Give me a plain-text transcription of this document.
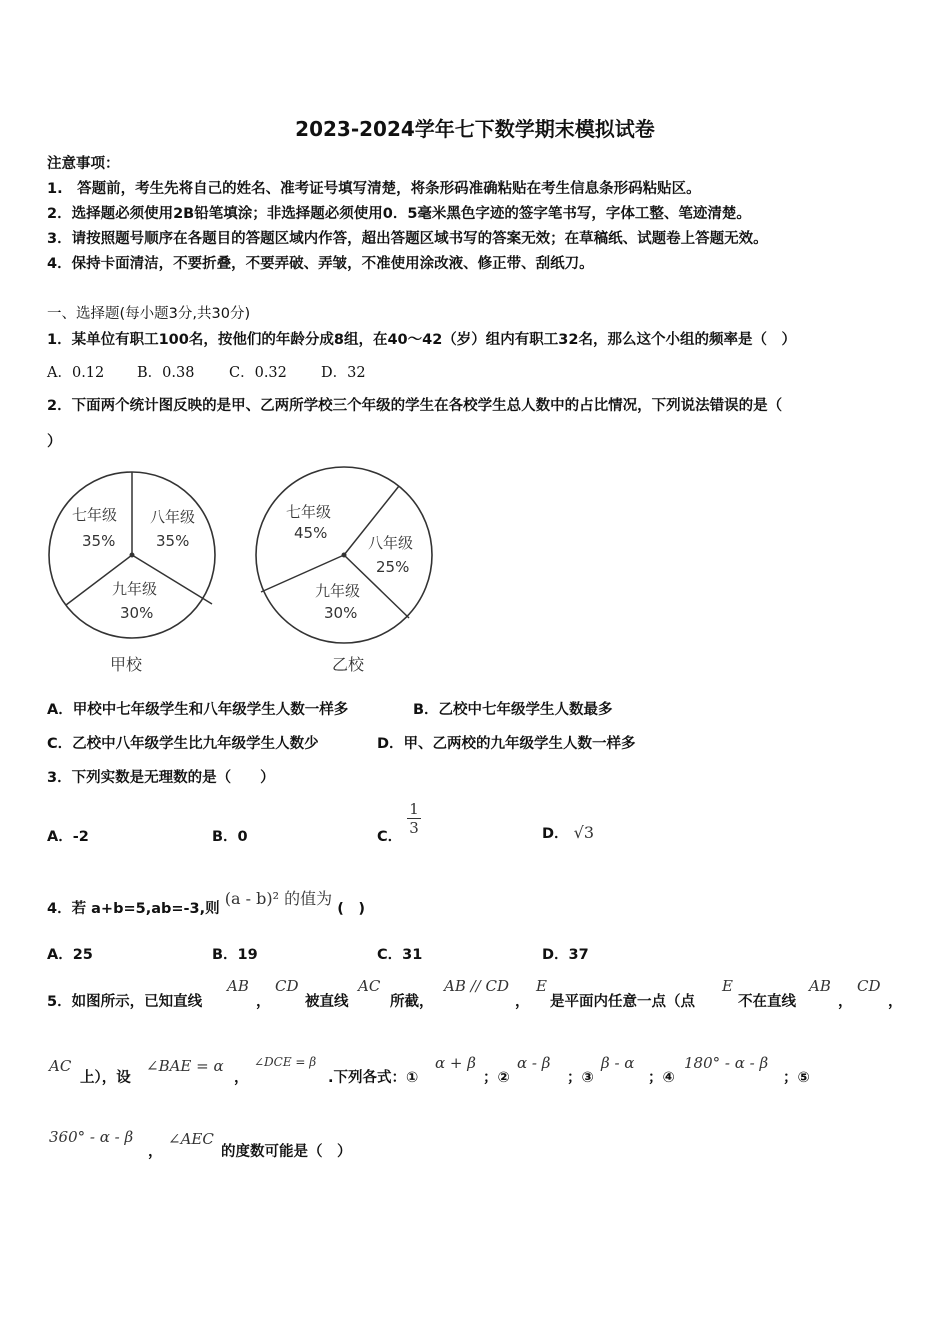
2023-2024学年七下数学期末模拟试卷
注意事项：
1.　答题前，考生先将自己的姓名、准考证号填写清楚，将条形码准确粘贴在考生信息条形码粘贴区。
2．选择题必须使用2B铅笔填涂；非选择题必须使用0．5毫米黑色字迹的签字笔书写，字体工整、笔迹清楚。
3．请按照题号顺序在各题目的答题区域内作答，超出答题区域书写的答案无效；在草稿纸、试题卷上答题无效。
4．保持卡面清洁，不要折叠，不要弄破、弄皱，不准使用涂改液、修正带、刮纸刀。
一、选择题(每小题3分,共30分)
1．某单位有职工100名，按他们的年龄分成8组，在40～42（岁）组内有职工32名，那么这个小组的频率是（　）
A．0.12 B．0.38 C．0.32 D．32
2．下面两个统计图反映的是甲、乙两所学校三个年级的学生在各校学生总人数中的占比情况，下列说法错误的是（
）
七年级
35%
八年级
35%
九年级
30%
甲校
七年级
45%
八年级
25%
九年级
30%
乙校
A．甲校中七年级学生和八年级学生人数一样多	B．乙校中七年级学生人数最多
C．乙校中八年级学生比九年级学生人数少	D．甲、乙两校的九年级学生人数一样多
3．下列实数是无理数的是（　　）
A．-2	B．0	C． $\frac{1}{3}$	D． √3
4．若 a+b=5,ab=-3,则 (a - b)² 的值为 (　)
A．25	B．19	C．31	D．37
5．如图所示，已知直线
AB
，
CD
被直线
AC
所截，
AB // CD
，
E
是平面内任意一点（点
E
不在直线
AB
，
CD
，
AC
上），设
∠BAE = α
，
∠DCE = β
.下列各式：①
α + β
；②
α - β
；③
β - α
；④
180° - α - β
；⑤
360° - α - β
，
∠AEC
的度数可能是（　）
